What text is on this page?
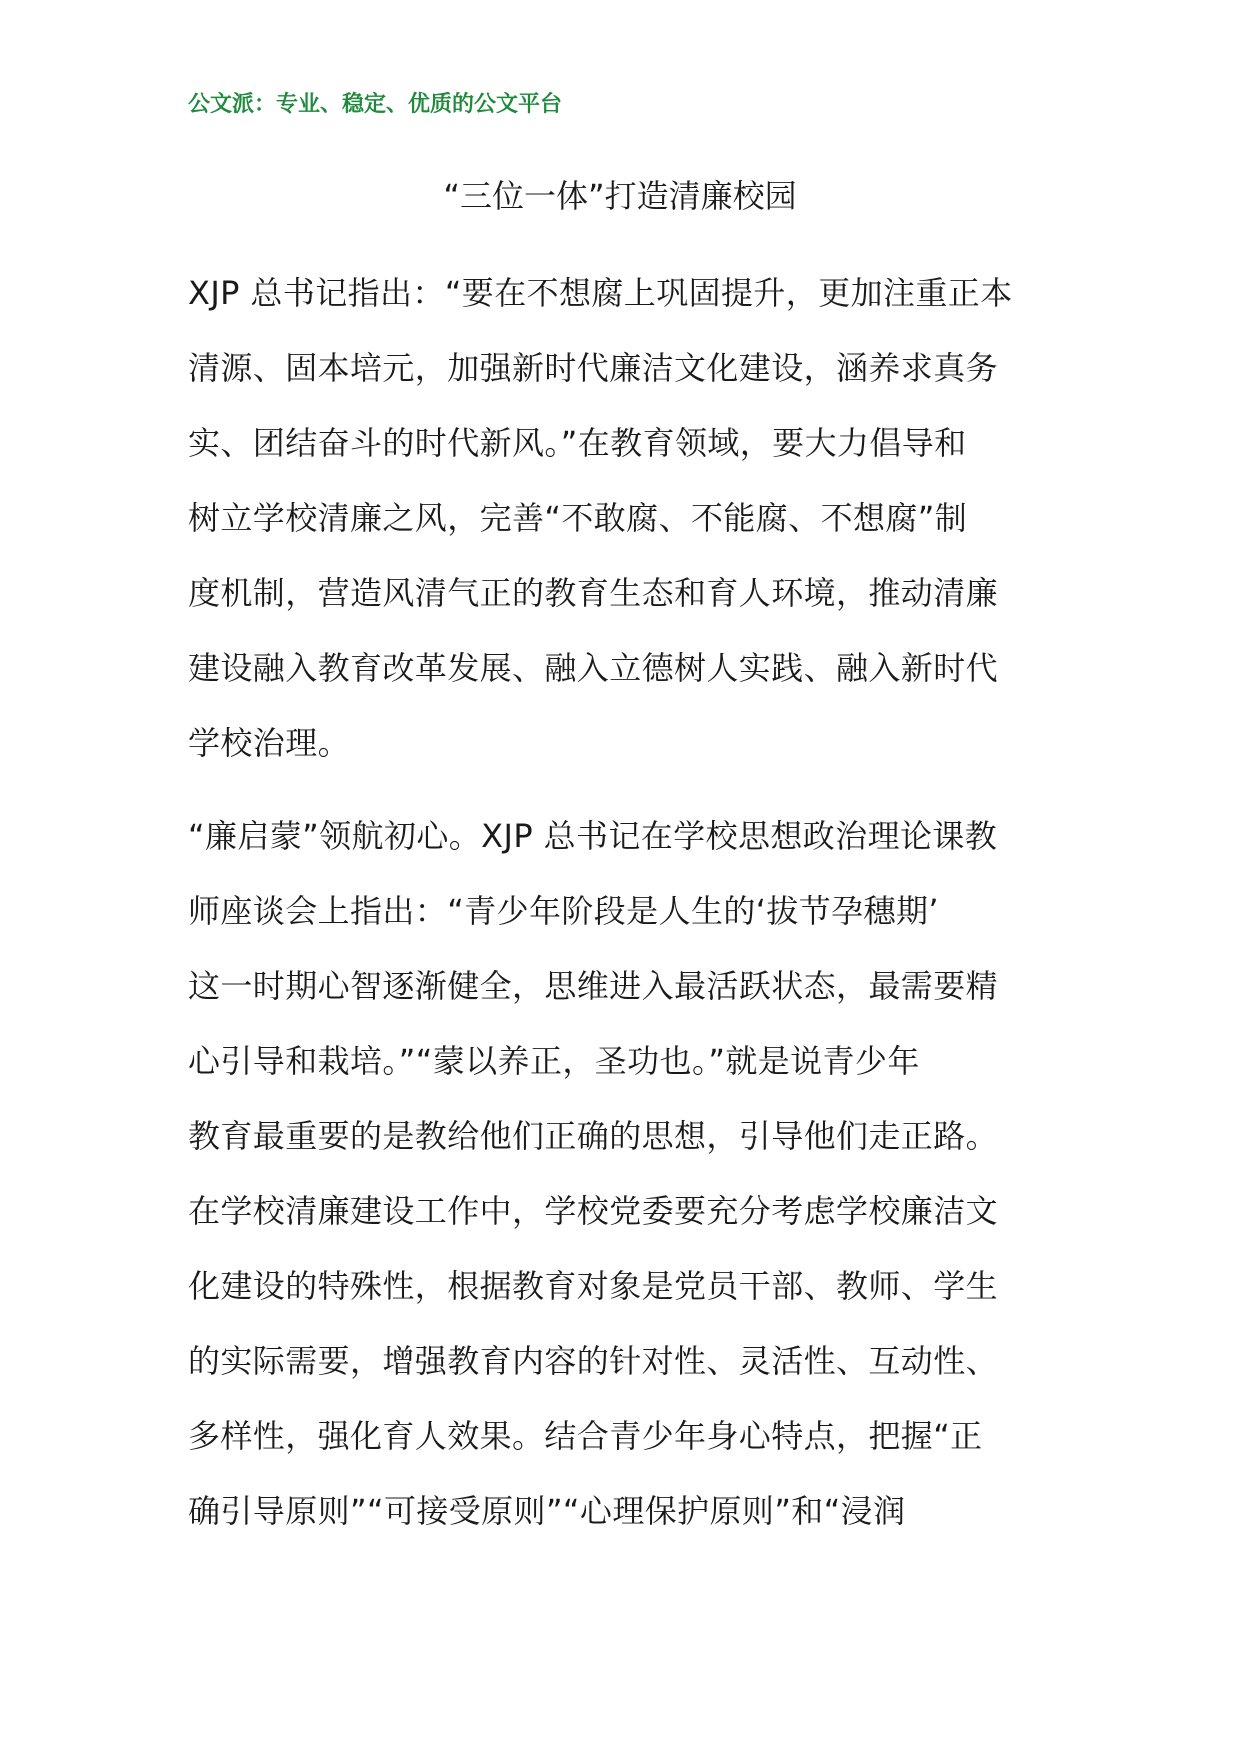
公文派：专业、稳定、优质的公文平台
“三位一体”打造清廉校园
XJP 总书记指出：“要在不想腐上巩固提升，更加注重正本
清源、固本培元，加强新时代廉洁文化建设，涵养求真务
实、团结奋斗的时代新风。”在教育领域，要大力倡导和
树立学校清廉之风，完善“不敢腐、不能腐、不想腐”制
度机制，营造风清气正的教育生态和育人环境，推动清廉
建设融入教育改革发展、融入立德树人实践、融入新时代
学校治理。
“廉启蒙”领航初心。XJP 总书记在学校思想政治理论课教
师座谈会上指出：“青少年阶段是人生的‘拔节孕穗期’
这一时期心智逐渐健全，思维进入最活跃状态，最需要精
心引导和栽培。”“蒙以养正，圣功也。”就是说青少年
教育最重要的是教给他们正确的思想，引导他们走正路。
在学校清廉建设工作中，学校党委要充分考虑学校廉洁文
化建设的特殊性，根据教育对象是党员干部、教师、学生
的实际需要，增强教育内容的针对性、灵活性、互动性、
多样性，强化育人效果。结合青少年身心特点，把握“正
确引导原则”“可接受原则”“心理保护原则”和“浸润
